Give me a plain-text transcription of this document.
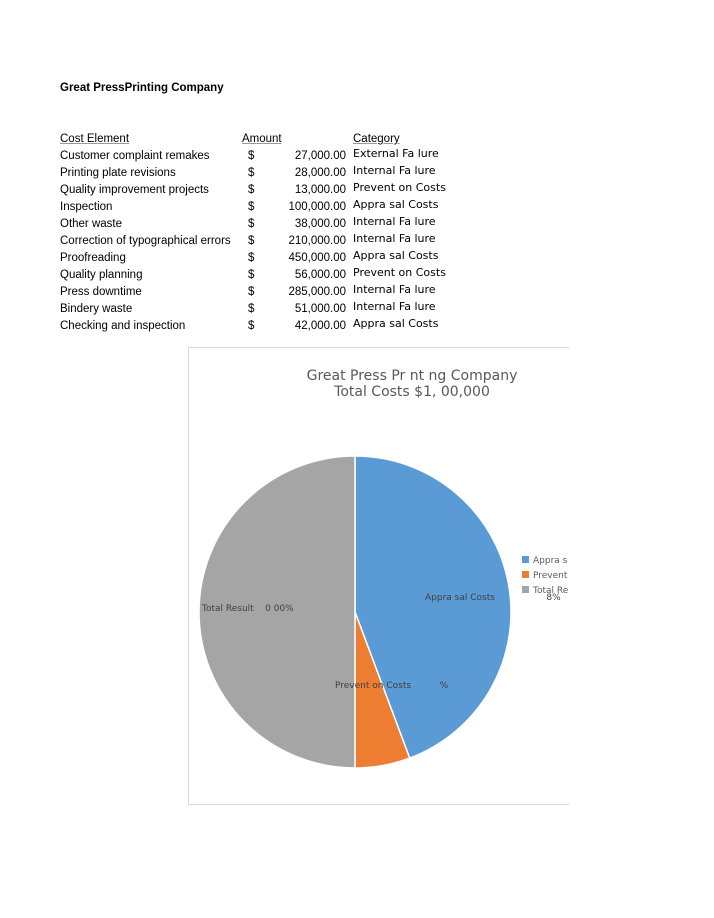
Great PressPrinting Company
Cost Element	Amount	Category
Customer complaint remakes	$	27,000.00 External Fa lure
Printing plate revisions	$	28,000.00 Internal Fa lure
Quality improvement projects	$	13,000.00 Prevent on Costs
Inspection	$	100,000.00 Appra sal Costs
Other waste	$	38,000.00 Internal Fa lure
Correction of typographical errors $	210,000.00 Internal Fa lure
Proofreading	$	450,000.00 Appra sal Costs
Quality planning	$	56,000.00 Prevent on Costs
Press downtime	$	285,000.00 Internal Fa lure
Bindery waste	$	51,000.00 Internal Fa lure
Checking and inspection	$	42,000.00 Appra sal Costs
Great Press Pr nt ng Company
Total Costs $1, 00,000
Appra sal Costs                  8%
Prevent on Costs          %
Total Result    0 00%
Appra s
Prevent
Total Re
